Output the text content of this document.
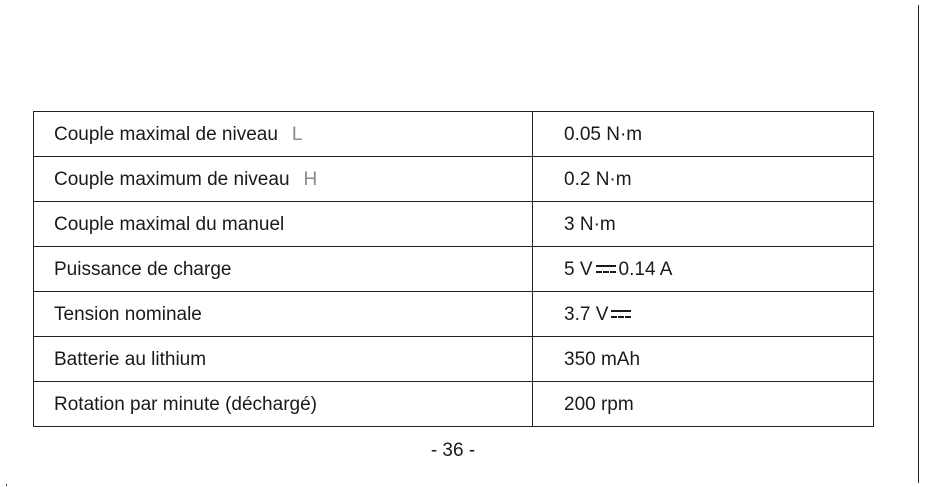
Couple maximal de niveau L	0.05 N·m
Couple maximum de niveau H	0.2 N·m
Couple maximal du manuel	3 N·m
Puissance de charge	5 V 0.14 A
Tension nominale	3.7 V
Batterie au lithium	350 mAh
Rotation par minute (déchargé)	200 rpm
- 36 -
